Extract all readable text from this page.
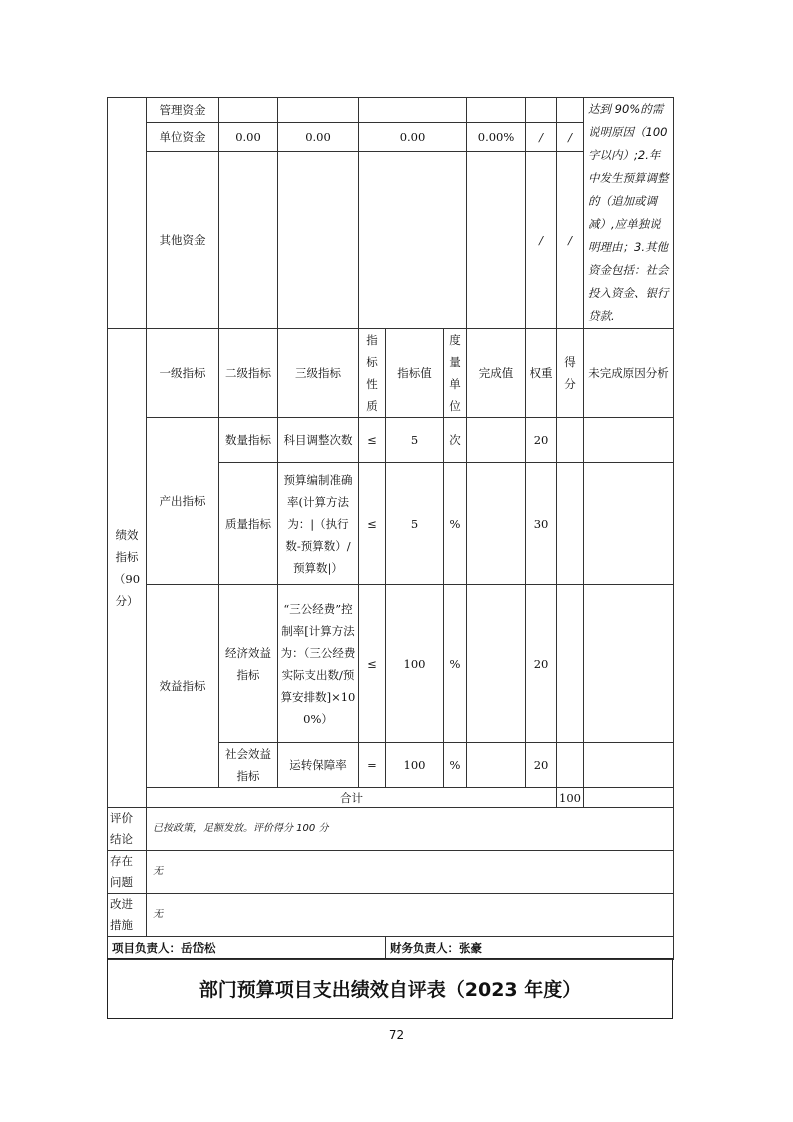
	管理资金									达到 90%的需说明原因（100字以内）;2.年中发生预算调整的（追加或调减）,应单独说明理由；3.其他资金包括：社会投入资金、银行贷款.	
	单位资金	0.00	0.00	0.00			0.00%	/	/		
	其他资金							/	/		
绩效指标（90分）	一级指标	二级指标	三级指标	指标性质	指标值	度量单位	完成值	权重	得分	未完成原因分析	
	产出指标	数量指标	科目调整次数	≤	5	次		20			
		质量指标	预算编制准确率(计算方法为：|（执行数-预算数）/预算数|）	≤	5	%		30			
	效益指标	经济效益指标	“三公经费”控制率[计算方法为：（三公经费实际支出数/预算安排数]×100%）	≤	100	%		20			
		社会效益指标	运转保障率	=	100	%		20			
	合计								100		
评价结论	已按政策，足额发放。评价得分 100 分										
存在问题	无										
改进措施	无										
项目负责人：岳岱松					财务负责人：张豪						
部门预算项目支出绩效自评表（2023 年度）
72
